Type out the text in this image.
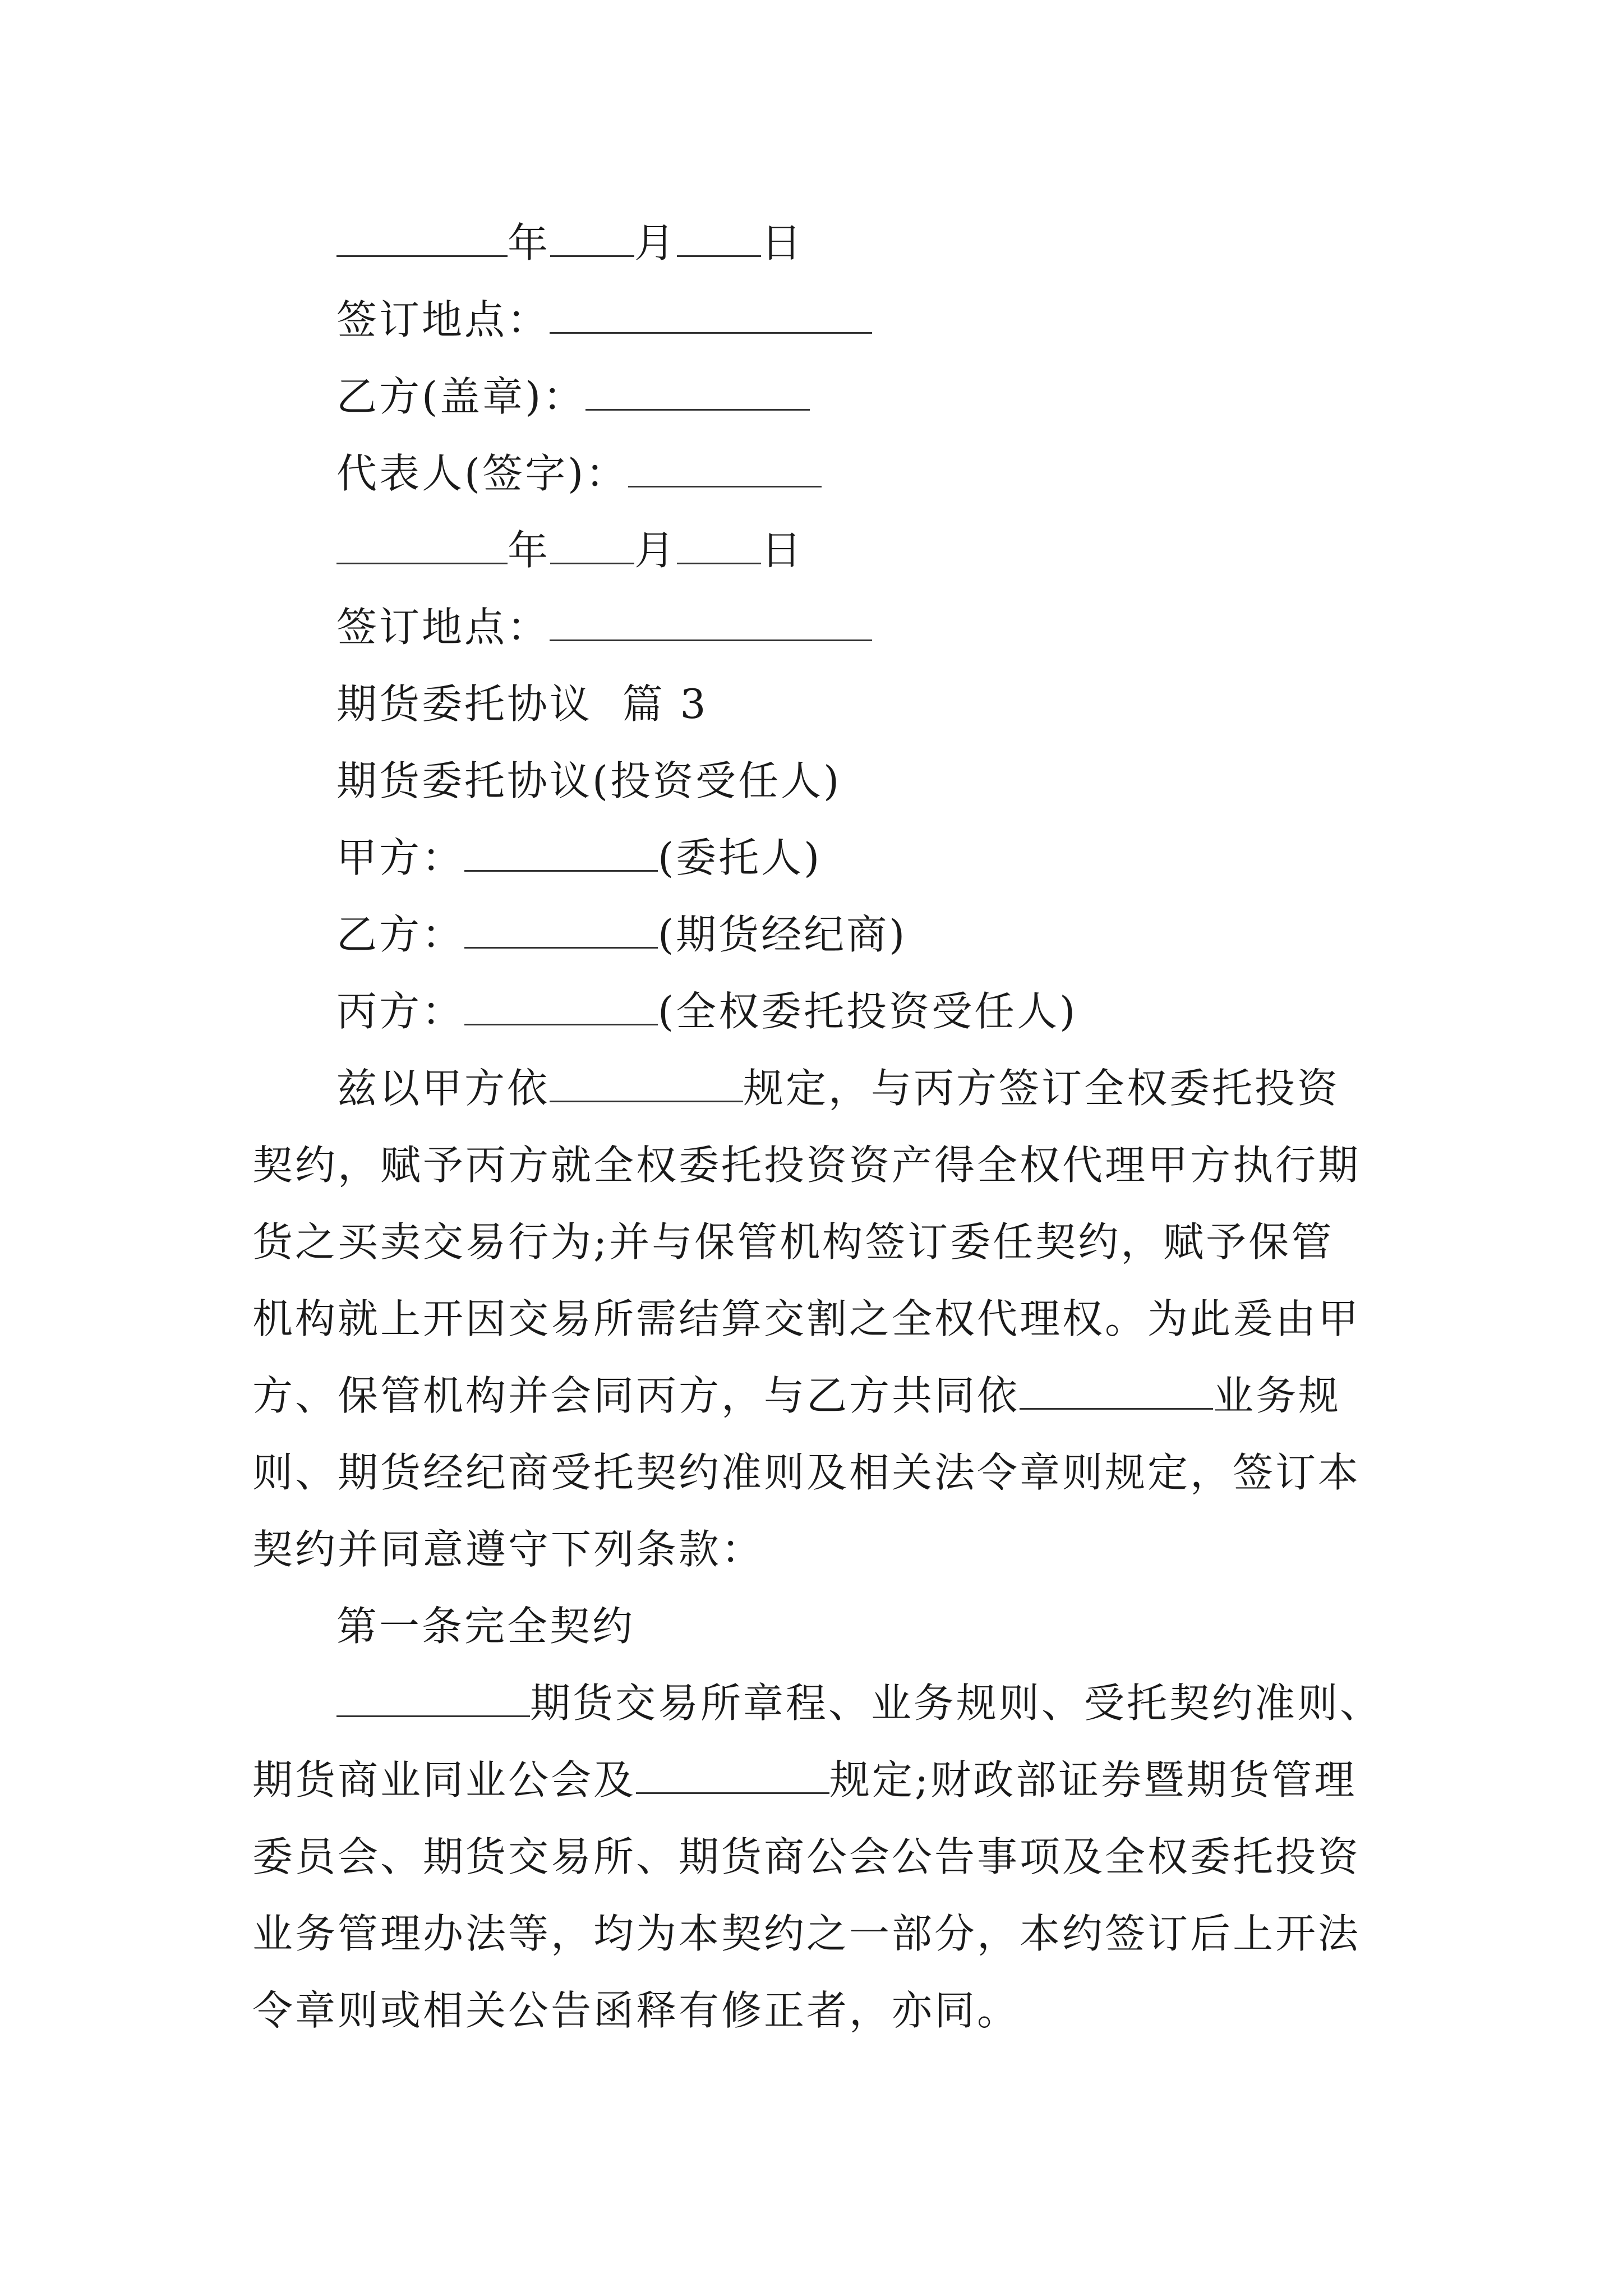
年 月 日
签订地点：
乙方(盖章)：
代表人(签字)：
年 月 日
签订地点：
期货委托协议  篇 3
期货委托协议(投资受任人)
甲方：	(委托人)
乙方：	(期货经纪商)
丙方：	(全权委托投资受任人)
兹以甲方依	规定，与丙方签订全权委托投资
契约，赋予丙方就全权委托投资资产得全权代理甲方执行期
货之买卖交易行为;并与保管机构签订委任契约，赋予保管
机构就上开因交易所需结算交割之全权代理权。为此爰由甲
方、保管机构并会同丙方，与乙方共同依	业务规
则、期货经纪商受托契约准则及相关法令章则规定，签订本
契约并同意遵守下列条款：
第一条完全契约
期货交易所章程、业务规则、受托契约准则、
期货商业同业公会及	规定;财政部证券暨期货管理
委员会、期货交易所、期货商公会公告事项及全权委托投资
业务管理办法等，均为本契约之一部分，本约签订后上开法
令章则或相关公告函释有修正者，亦同。
